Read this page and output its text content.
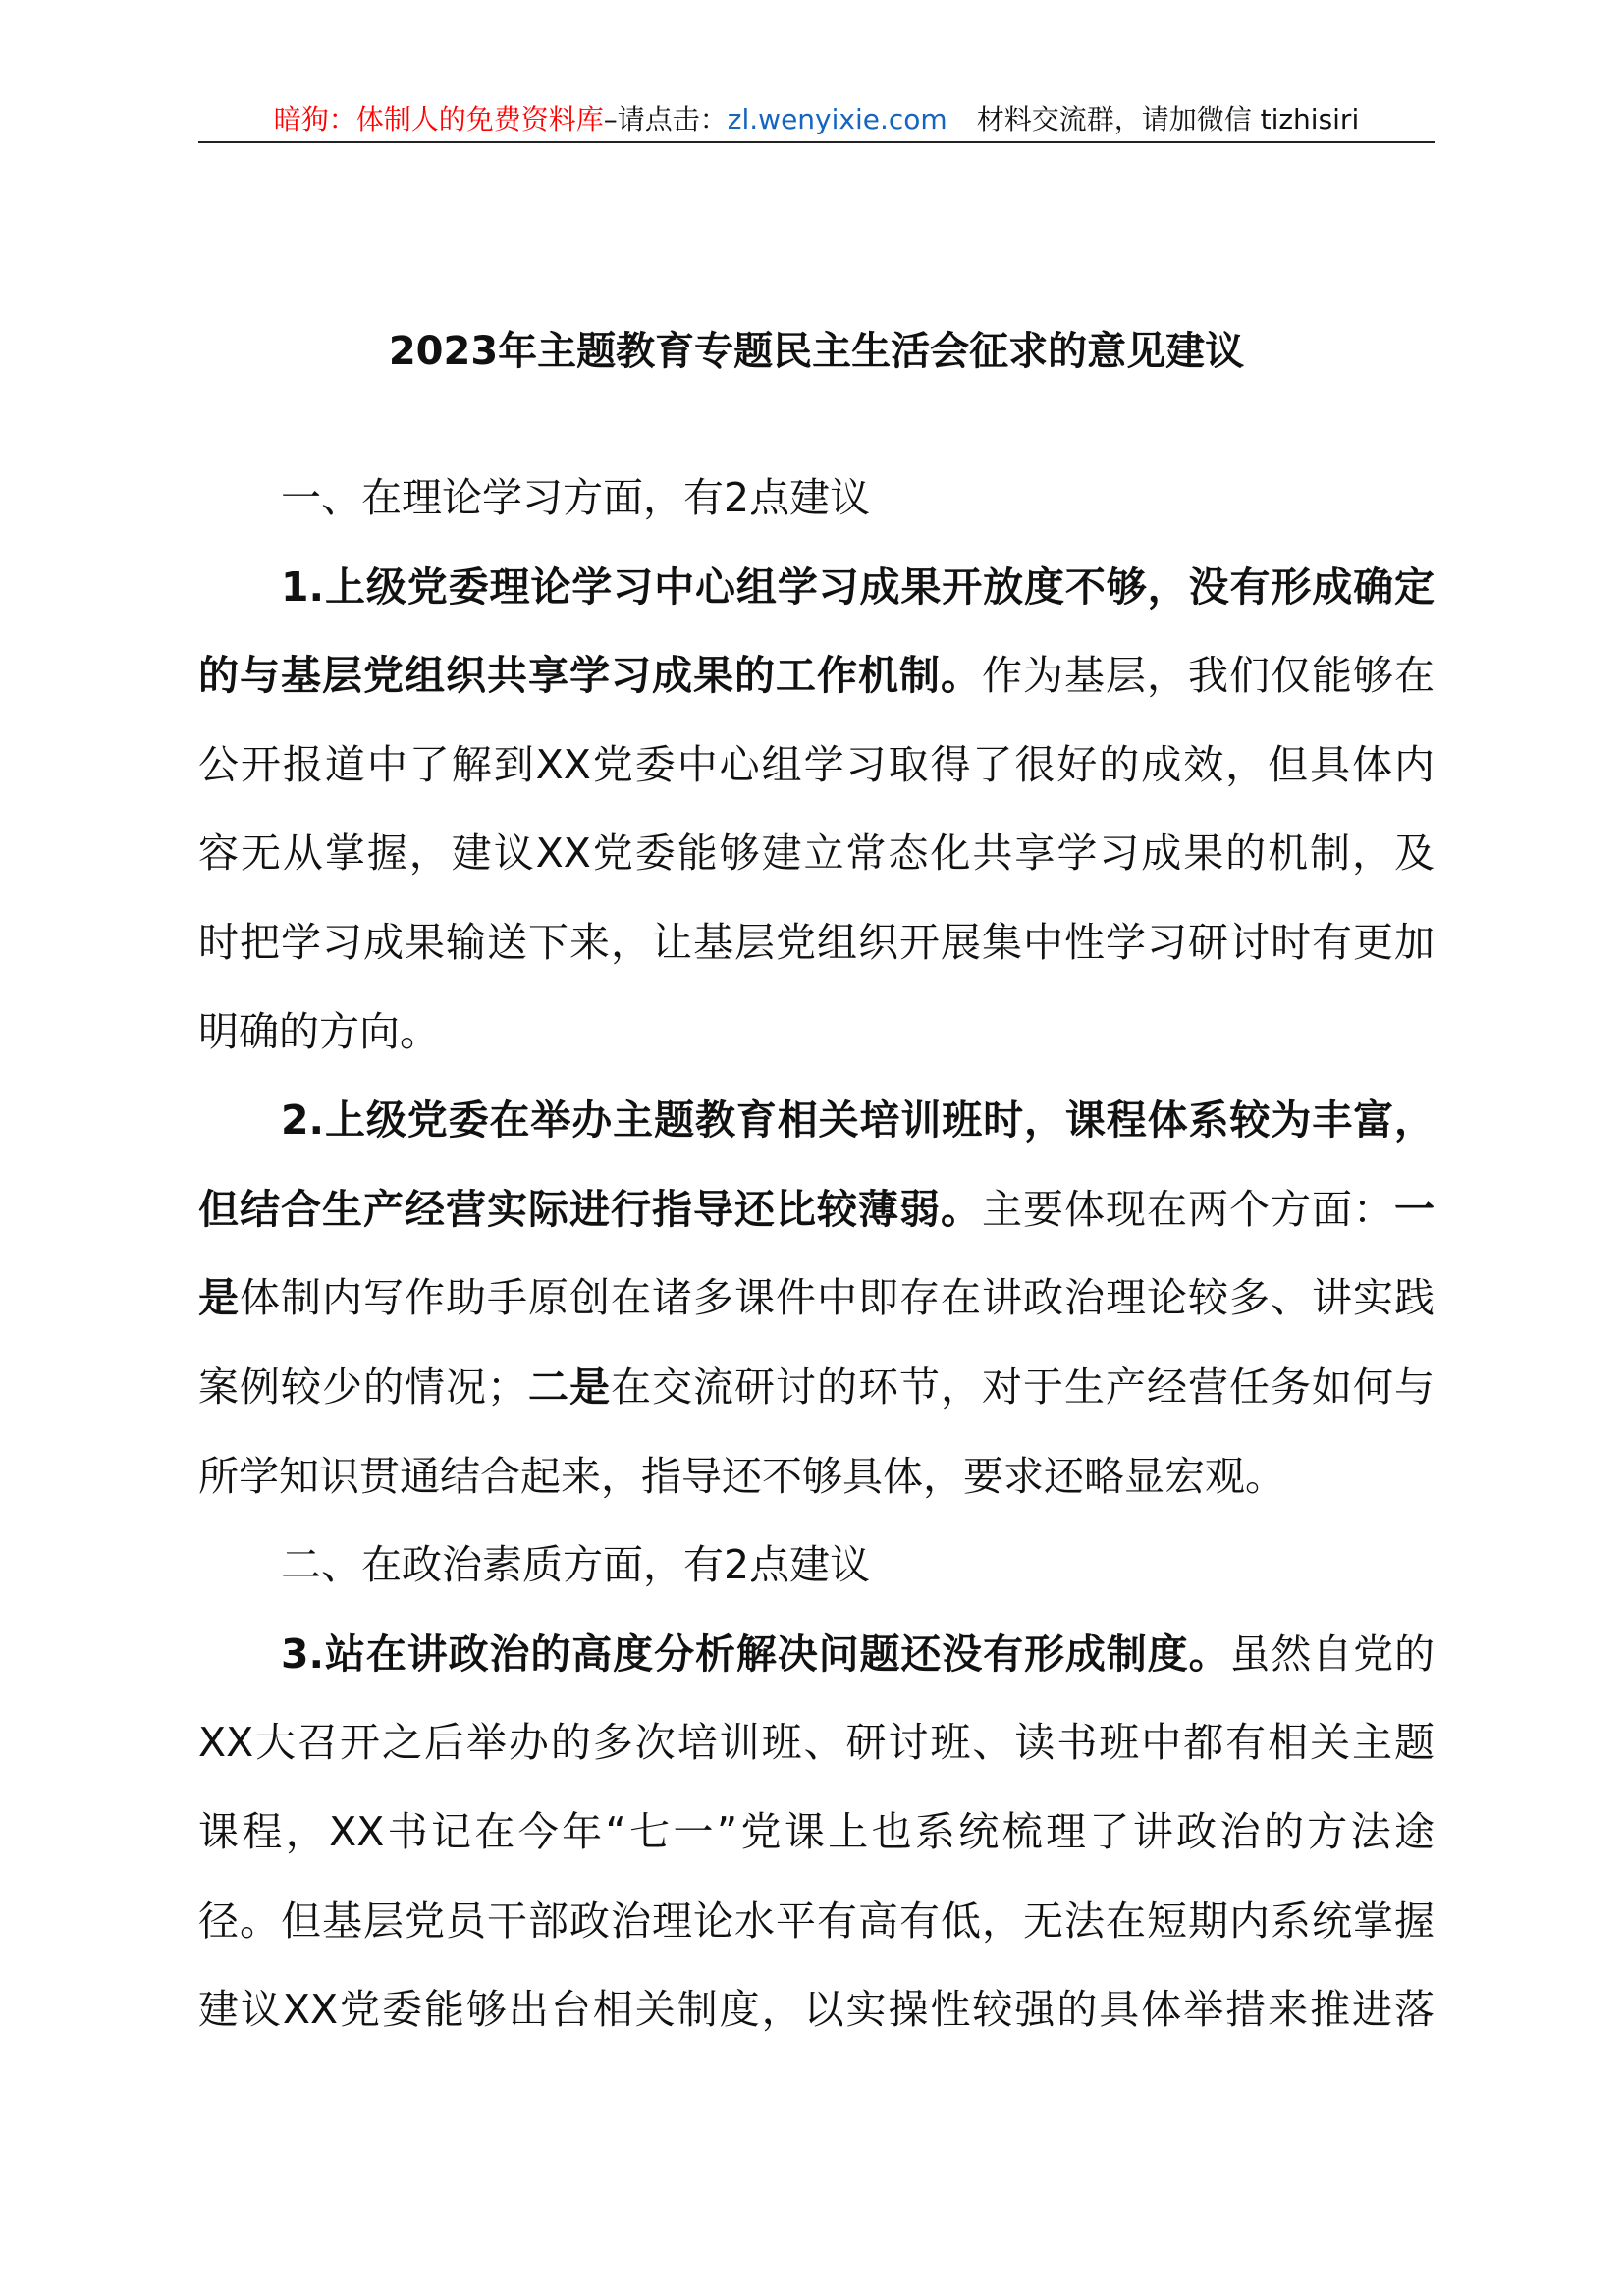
暗狗：体制人的免费资料库–请点击：zl.wenyixie.com 材料交流群，请加微信 tizhisiri
2023年主题教育专题民主生活会征求的意见建议
一、在理论学习方面，有2点建议
1.上级党委理论学习中心组学习成果开放度不够，没有形成确定
的与基层党组织共享学习成果的工作机制。作为基层，我们仅能够在
公开报道中了解到XX党委中心组学习取得了很好的成效，但具体内
容无从掌握，建议XX党委能够建立常态化共享学习成果的机制，及
时把学习成果输送下来，让基层党组织开展集中性学习研讨时有更加
明确的方向。
2.上级党委在举办主题教育相关培训班时，课程体系较为丰富，
但结合生产经营实际进行指导还比较薄弱。主要体现在两个方面：一
是体制内写作助手原创在诸多课件中即存在讲政治理论较多、讲实践
案例较少的情况；二是在交流研讨的环节，对于生产经营任务如何与
所学知识贯通结合起来，指导还不够具体，要求还略显宏观。
二、在政治素质方面，有2点建议
3.站在讲政治的高度分析解决问题还没有形成制度。虽然自党的
XX大召开之后举办的多次培训班、研讨班、读书班中都有相关主题
课程，XX书记在今年“七一”党课上也系统梳理了讲政治的方法途
径。但基层党员干部政治理论水平有高有低，无法在短期内系统掌握
建议XX党委能够出台相关制度，以实操性较强的具体举措来推进落
